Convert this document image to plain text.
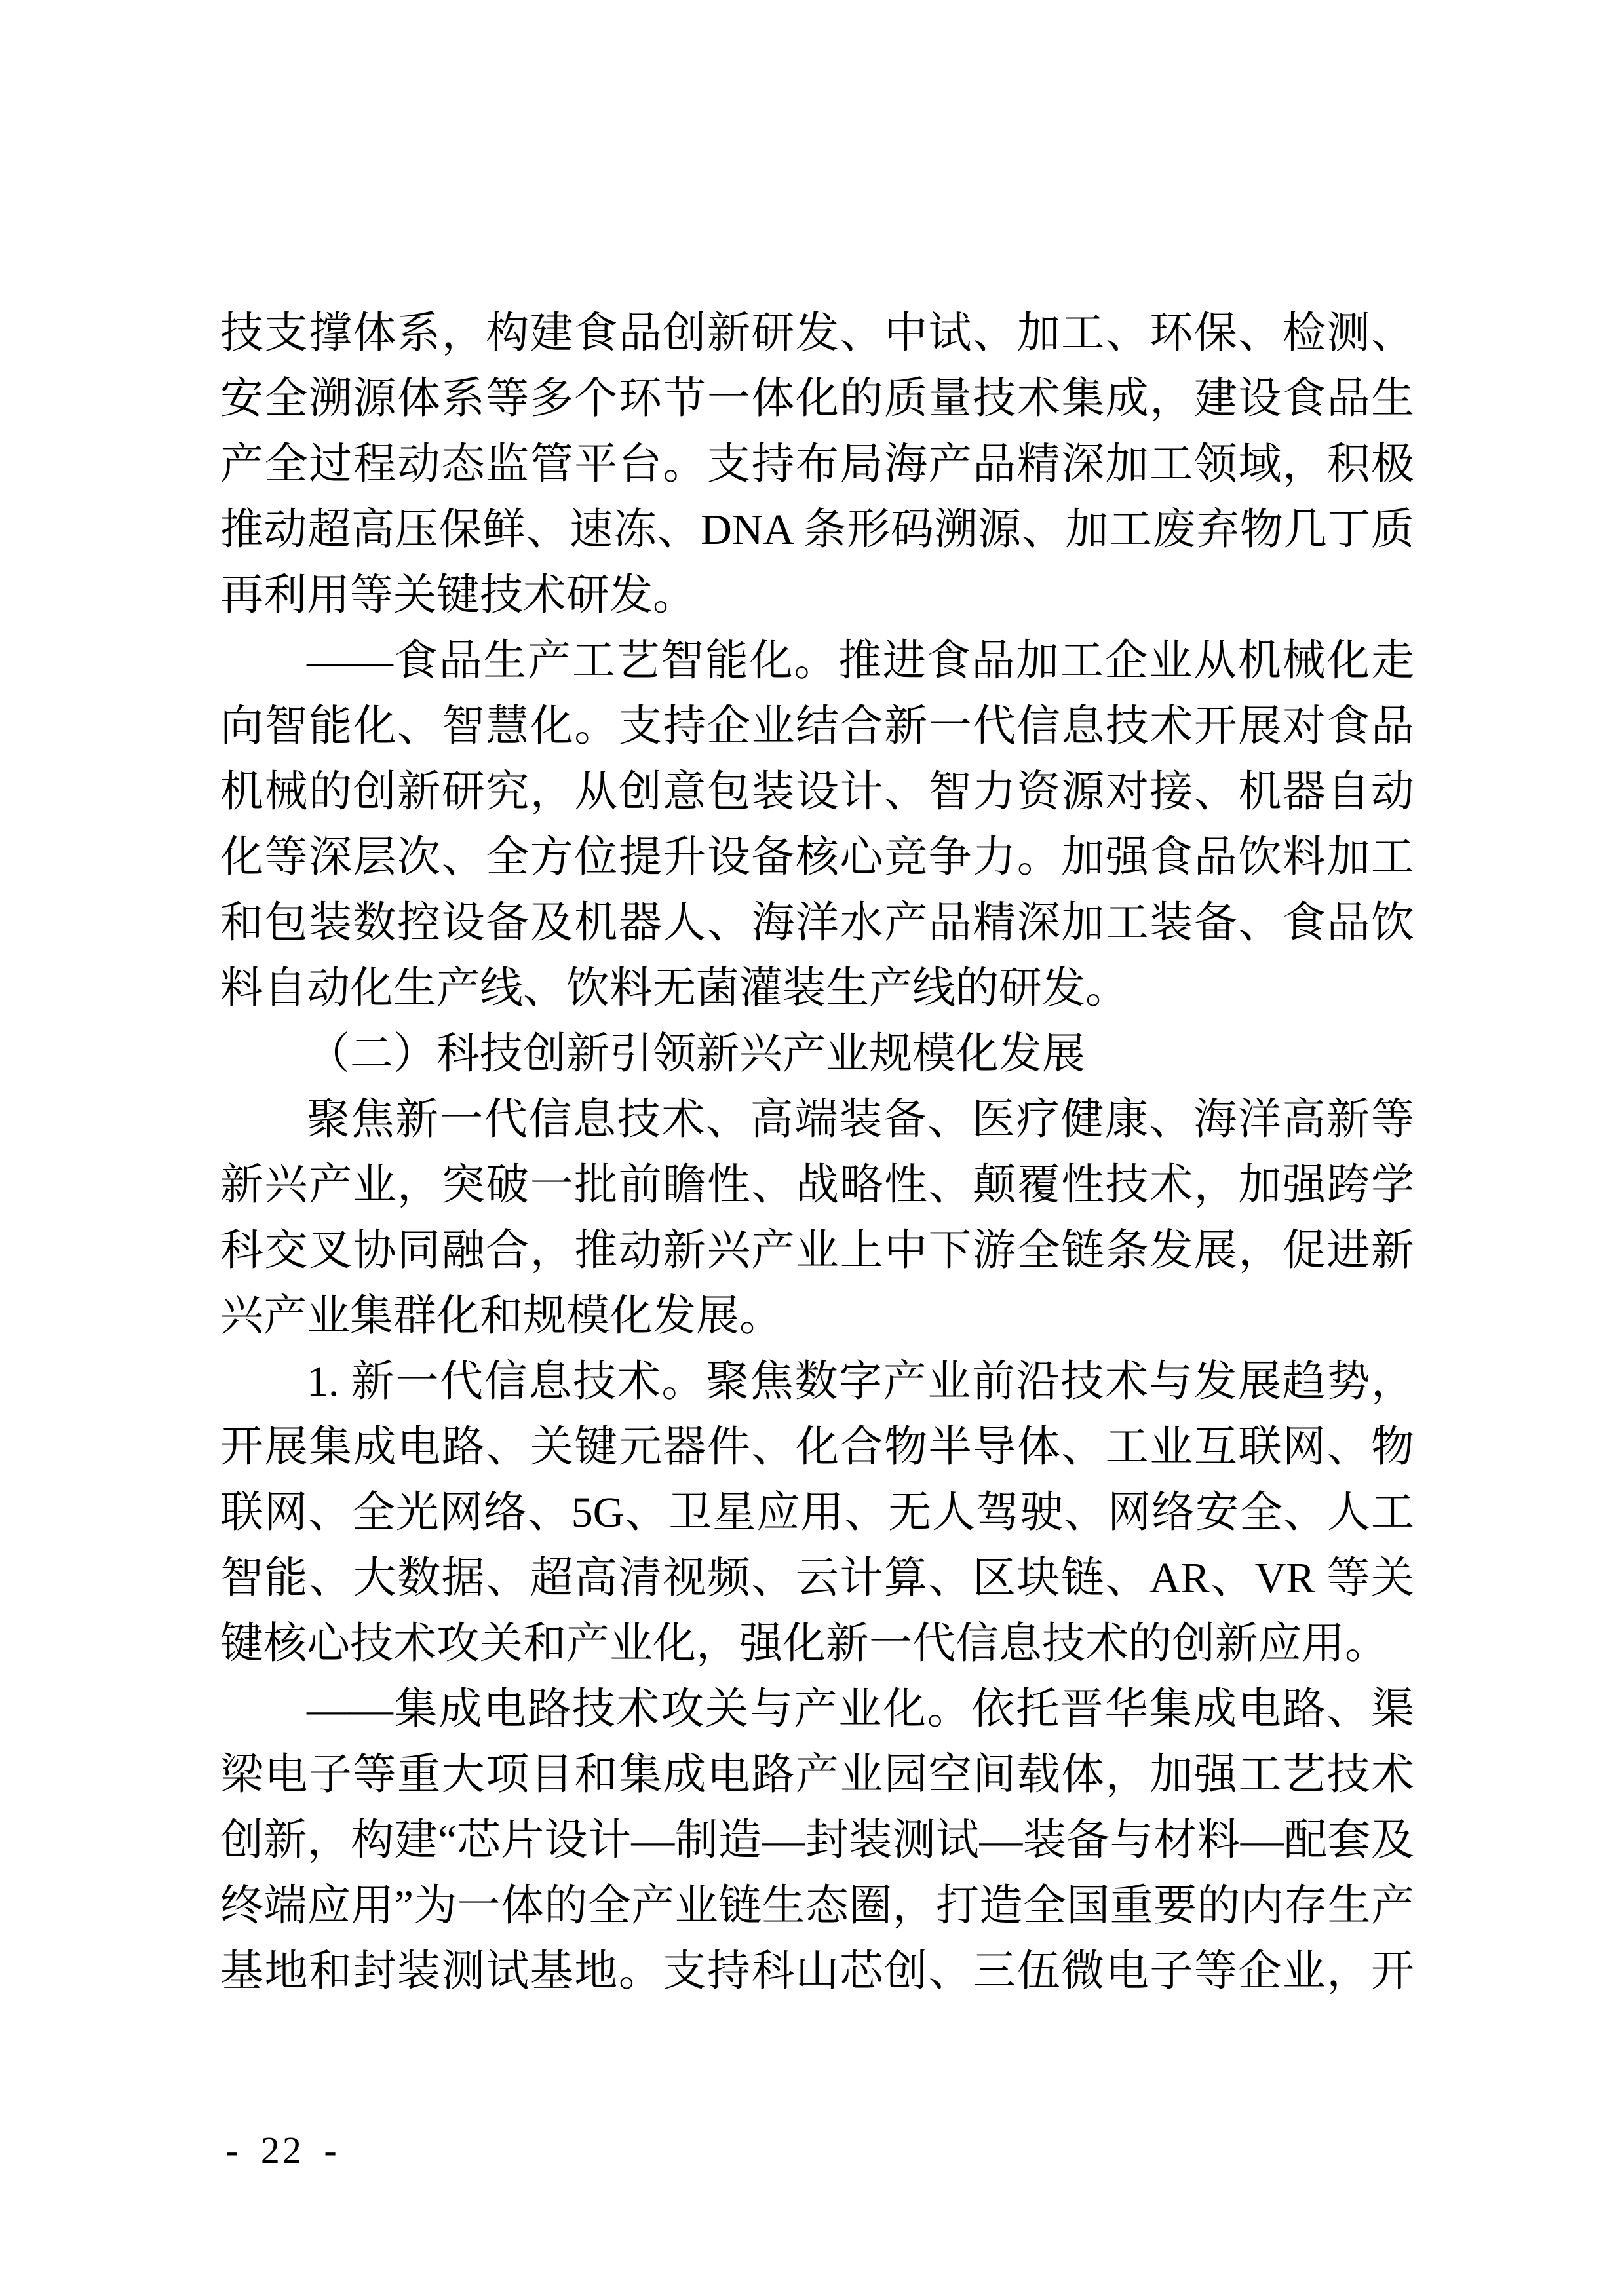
技支撑体系，构建食品创新研发、中试、加工、环保、检测、
安全溯源体系等多个环节一体化的质量技术集成，建设食品生
产全过程动态监管平台。支持布局海产品精深加工领域，积极
推动超高压保鲜、速冻、DNA 条形码溯源、加工废弃物几丁质
再利用等关键技术研发。
——食品生产工艺智能化。推进食品加工企业从机械化走
向智能化、智慧化。支持企业结合新一代信息技术开展对食品
机械的创新研究，从创意包装设计、智力资源对接、机器自动
化等深层次、全方位提升设备核心竞争力。加强食品饮料加工
和包装数控设备及机器人、海洋水产品精深加工装备、食品饮
料自动化生产线、饮料无菌灌装生产线的研发。
（二）科技创新引领新兴产业规模化发展
聚焦新一代信息技术、高端装备、医疗健康、海洋高新等
新兴产业，突破一批前瞻性、战略性、颠覆性技术，加强跨学
科交叉协同融合，推动新兴产业上中下游全链条发展，促进新
兴产业集群化和规模化发展。
1. 新一代信息技术。聚焦数字产业前沿技术与发展趋势，
开展集成电路、关键元器件、化合物半导体、工业互联网、物
联网、全光网络、5G、卫星应用、无人驾驶、网络安全、人工
智能、大数据、超高清视频、云计算、区块链、AR、VR 等关
键核心技术攻关和产业化，强化新一代信息技术的创新应用。
——集成电路技术攻关与产业化。依托晋华集成电路、渠
梁电子等重大项目和集成电路产业园空间载体，加强工艺技术
创新，构建“芯片设计—制造—封装测试—装备与材料—配套及
终端应用”为一体的全产业链生态圈，打造全国重要的内存生产
基地和封装测试基地。支持科山芯创、三伍微电子等企业，开
- 22 -
